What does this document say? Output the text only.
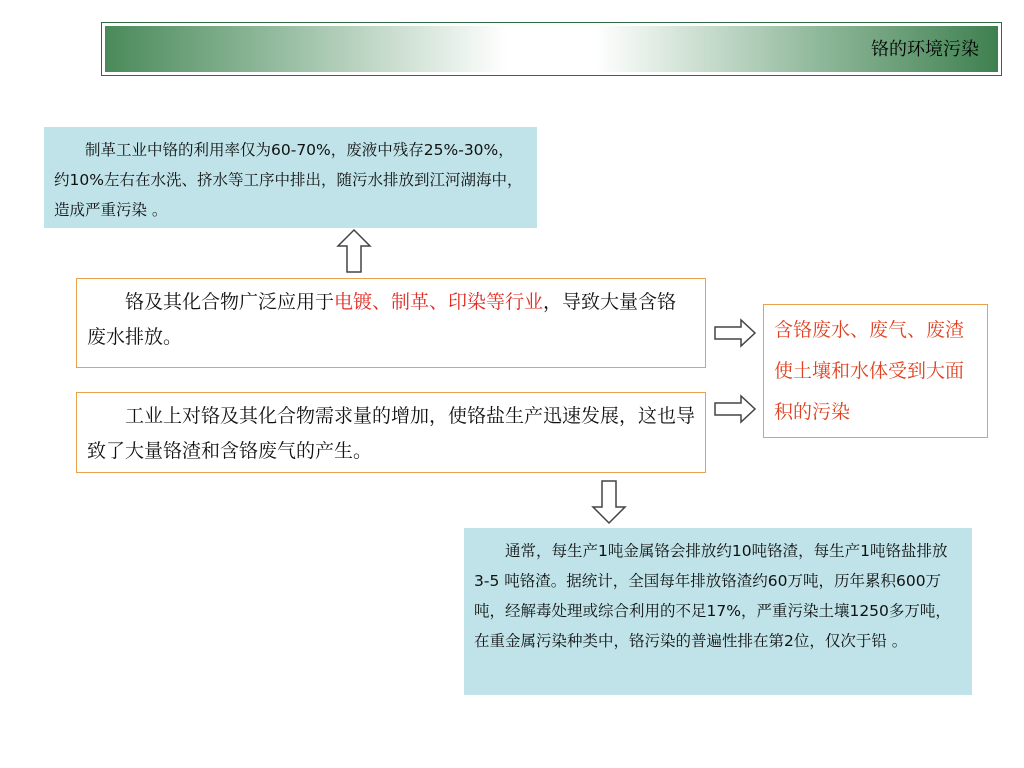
铬的环境污染
制革工业中铬的利用率仅为60-70%，废液中残存25%-30%，约10%左右在水洗、挤水等工序中排出，随污水排放到江河湖海中，造成严重污染 。
铬及其化合物广泛应用于电镀、制革、印染等行业，导致大量含铬废水排放。
工业上对铬及其化合物需求量的增加，使铬盐生产迅速发展，这也导致了大量铬渣和含铬废气的产生。
含铬废水、废气、废渣使土壤和水体受到大面积的污染
通常，每生产1吨金属铬会排放约10吨铬渣，每生产1吨铬盐排放3-5 吨铬渣。据统计，全国每年排放铬渣约60万吨，历年累积600万吨，经解毒处理或综合利用的不足17%，严重污染土壤1250多万吨，在重金属污染种类中，铬污染的普遍性排在第2位，仅次于铅 。
